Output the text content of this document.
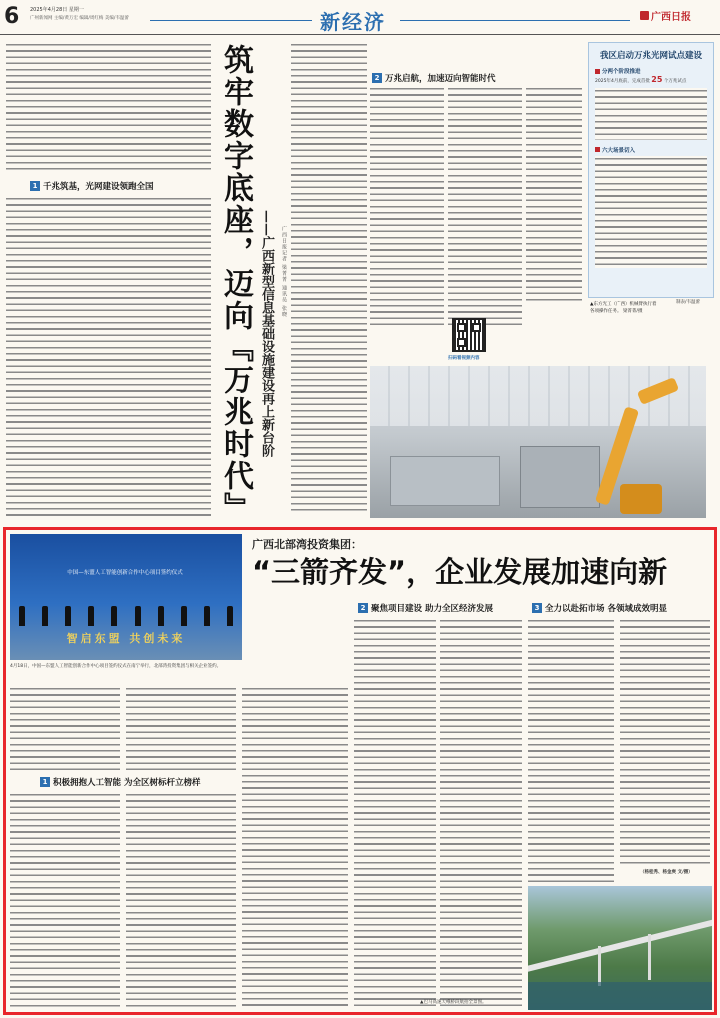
6 2025年4月28日 星期一
广州新闻网 主编/黄万宏 编辑/周红梅 美编/韦温蕾	新经济	广西日报
1 千兆筑基，光网建设领跑全国 筑牢数字底座，迈向『万兆时代』 ——广西新型信息基础设施建设再上新台阶	广西日报记者 梁菁菁 通讯员 张晓
2 万兆启航，加速迈向智能时代
扫码看视频内容
▲东方光工（广西）机械臂执行着各项操作任务。 梁菁菁/摄
我区启动万兆光网试点建设
分两个阶段推进
2025年4月底前，完成首批 25 个万兆试点
六大场景切入
制表/韦温蕾
中国—东盟人工智能创新合作中心项目签约仪式
智启东盟 共创未来
4月18日，中国—东盟人工智能创新合作中心项目签约仪式在南宁举行，北部湾投资集团与相关企业签约。
广西北部湾投资集团：
“三箭齐发”，企业发展加速向新
1 积极拥抱人工智能 为全区树标杆立榜样
2 聚焦项目建设 助力全区经济发展	3 全力以赴拓市场 各领域成效明显
（杨桂秀、杨金庚 文/摄）
▲巴马高速天峨桥段航拍全景图。
